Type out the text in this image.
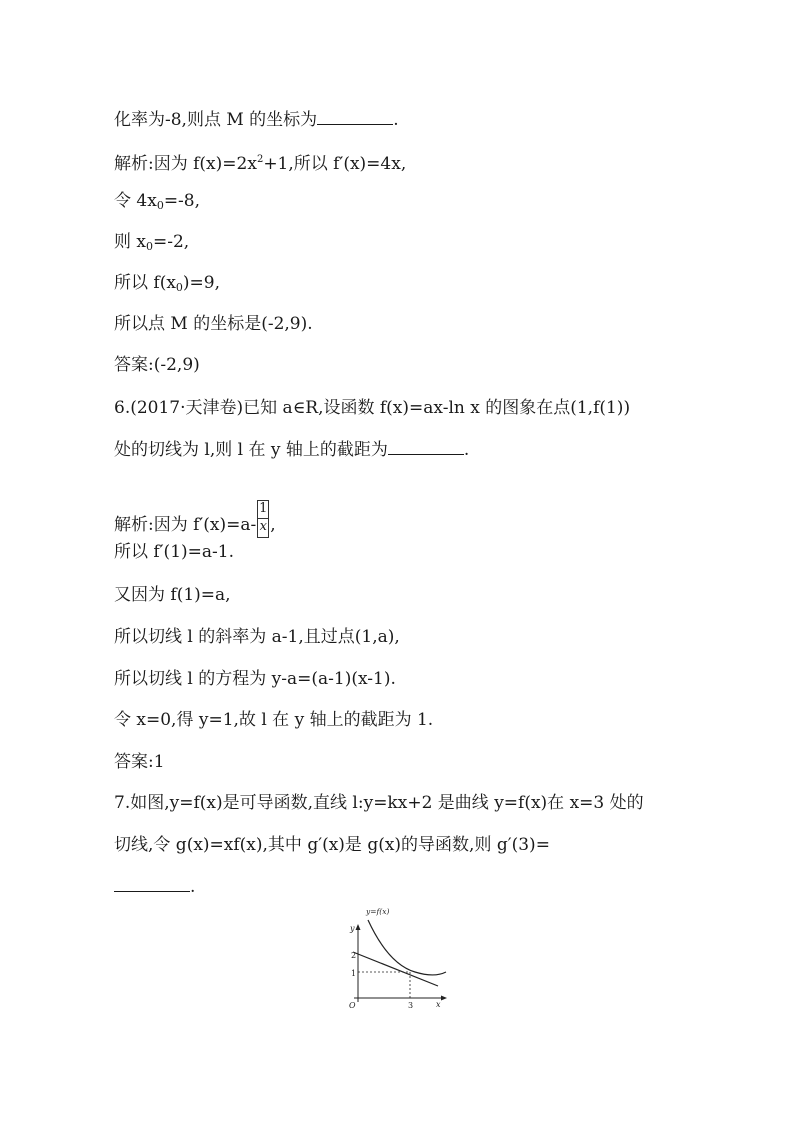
化率为-8,则点 M 的坐标为	.
解析:因为 $f(x)=2x^2+1$,所以 f′(x)=4x,
令 $4x_0=-8$,
则 $x_0=-2$,
所以 $f(x_0)=9$,
所以点 M 的坐标是(-2,9).
答案:(-2,9)
6.(2017·天津卷)已知 a∈R,设函数 f(x)=ax-ln x 的图象在点(1,f(1))
处的切线为 l,则 l 在 y 轴上的截距为	.
解析:因为 $f'(x)=a- \frac{1}{x}$ ,
所以 f′(1)=a-1.
又因为 f(1)=a,
所以切线 l 的斜率为 a-1,且过点(1,a),
所以切线 l 的方程为 y-a=(a-1)(x-1).
令 x=0,得 y=1,故 l 在 y 轴上的截距为 1.
答案:1
7.如图,y=f(x)是可导函数,直线 l:y=kx+2 是曲线 y=f(x)在 x=3 处的
切线,令 g(x)=xf(x),其中 g′(x)是 g(x)的导函数,则 g′(3)=
.
y=f(x)
y
x
O
2
1
3
